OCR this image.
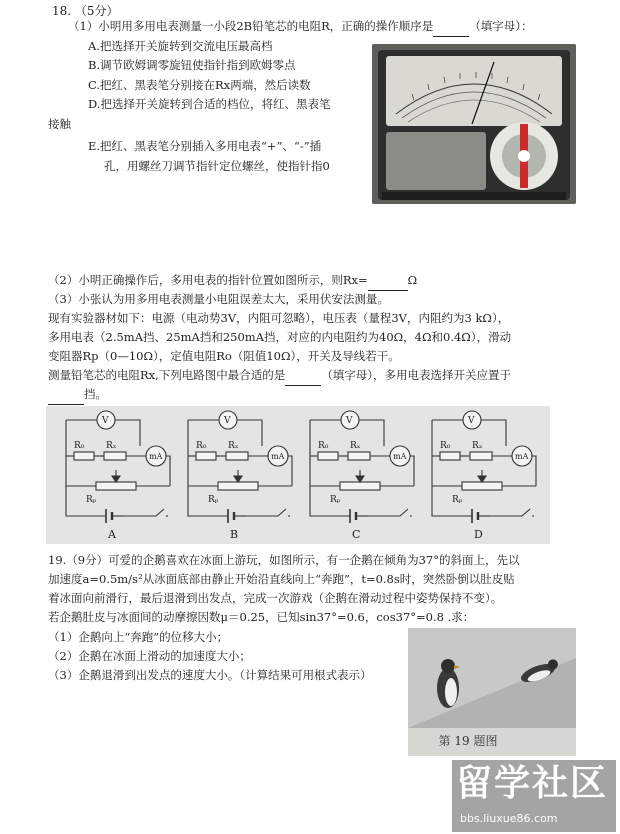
18. （5分）
（1）小明用多用电表测量一小段2B铅笔芯的电阻R，正确的操作顺序是	（填字母）：
A.把选择开关旋转到交流电压最高档
B.调节欧姆调零旋钮使指针指到欧姆零点
C.把红、黑表笔分别接在Rx两端，然后读数
D.把选择开关旋转到合适的档位，将红、黑表笔
接触
E.把红、黑表笔分别插入多用电表“+”、“-”插
孔，用螺丝刀调节指针定位螺丝，使指针指0
（2）小明正确操作后，多用电表的指针位置如图所示，则Rx=	Ω
（3）小张认为用多用电表测量小电阻误差太大，采用伏安法测量。
现有实验器材如下：电源（电动势3V，内阻可忽略），电压表（量程3V，内阻约为3 kΩ），
多用电表（2.5mA挡、25mA挡和250mA挡，对应的内电阻约为40Ω，4Ω和0.4Ω），滑动
变阻器Rp（0—10Ω），定值电阻Ro（阻值10Ω），开关及导线若干。
测量铅笔芯的电阻Rx,下列电路图中最合适的是	（填字母），多用电表选择开关应置于
挡。
V
R₀ Rₓ
mA
Rₚ
A
V
R₀ Rₓ
mA
Rₚ
B
V
R₀ Rₓ
mA
Rₚ
C
V
R₀ Rₓ
mA
Rₚ
D
19.（9分）可爱的企鹅喜欢在冰面上游玩，如图所示，有一企鹅在倾角为37°的斜面上，先以
加速度a=0.5m/s²从冰面底部由静止开始沿直线向上“奔跑”，t=0.8s时，突然卧倒以肚皮贴
着冰面向前滑行，最后退滑到出发点，完成一次游戏（企鹅在滑动过程中姿势保持不变）。
若企鹅肚皮与冰面间的动摩擦因数μ＝0.25，已知sin37°=0.6，cos37°=0.8 .求：
（1）企鹅向上“奔跑”的位移大小；
（2）企鹅在冰面上滑动的加速度大小；
（3）企鹅退滑到出发点的速度大小。（计算结果可用根式表示）
第 19 题图
留学社区
bbs.liuxue86.com
